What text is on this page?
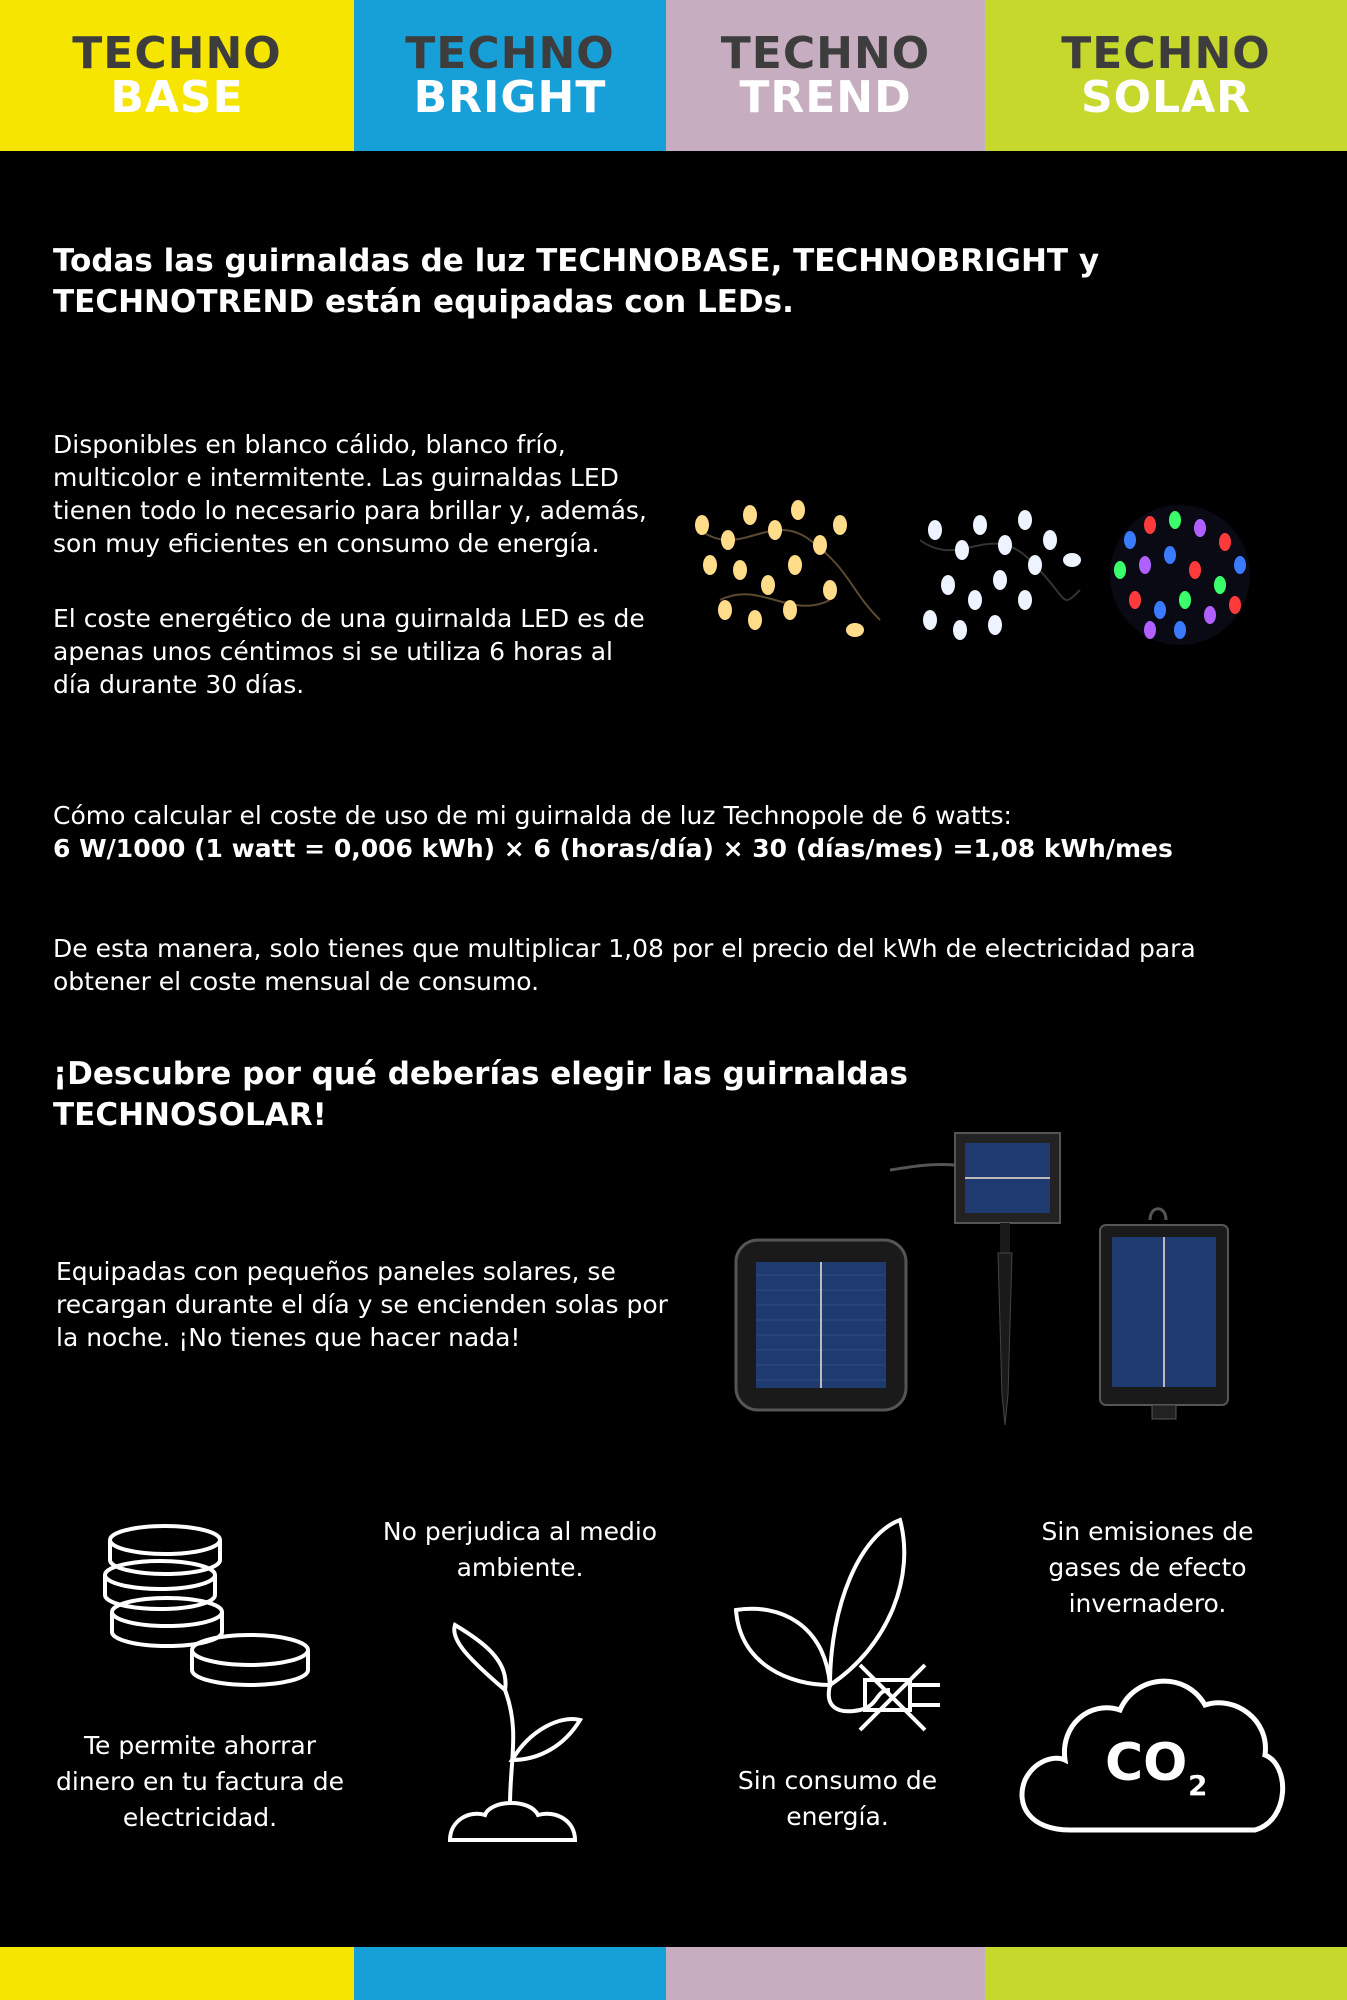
TECHNO
BASE
TECHNO
BRIGHT
TECHNO
TREND
TECHNO
SOLAR
Todas las guirnaldas de luz TECHNOBASE, TECHNOBRIGHT y TECHNOTREND están equipadas con LEDs.
Disponibles en blanco cálido, blanco frío, multicolor e intermitente. Las guirnaldas LED tienen todo lo necesario para brillar y, además, son muy eficientes en consumo de energía.
El coste energético de una guirnalda LED es de apenas unos céntimos si se utiliza 6 horas al día durante 30 días.
Cómo calcular el coste de uso de mi guirnalda de luz Technopole de 6 watts:
6 W/1000 (1 watt = 0,006 kWh) × 6 (horas/día) × 30 (días/mes) =1,08 kWh/mes
De esta manera, solo tienes que multiplicar 1,08 por el precio del kWh de electricidad para obtener el coste mensual de consumo.
¡Descubre por qué deberías elegir las guirnaldas TECHNOSOLAR!
Equipadas con pequeños paneles solares, se recargan durante el día y se encienden solas por la noche. ¡No tienes que hacer nada!
CO 2
Te permite ahorrar dinero en tu factura de electricidad.
No perjudica al medio ambiente.
Sin consumo de energía.
Sin emisiones de gases de efecto invernadero.
